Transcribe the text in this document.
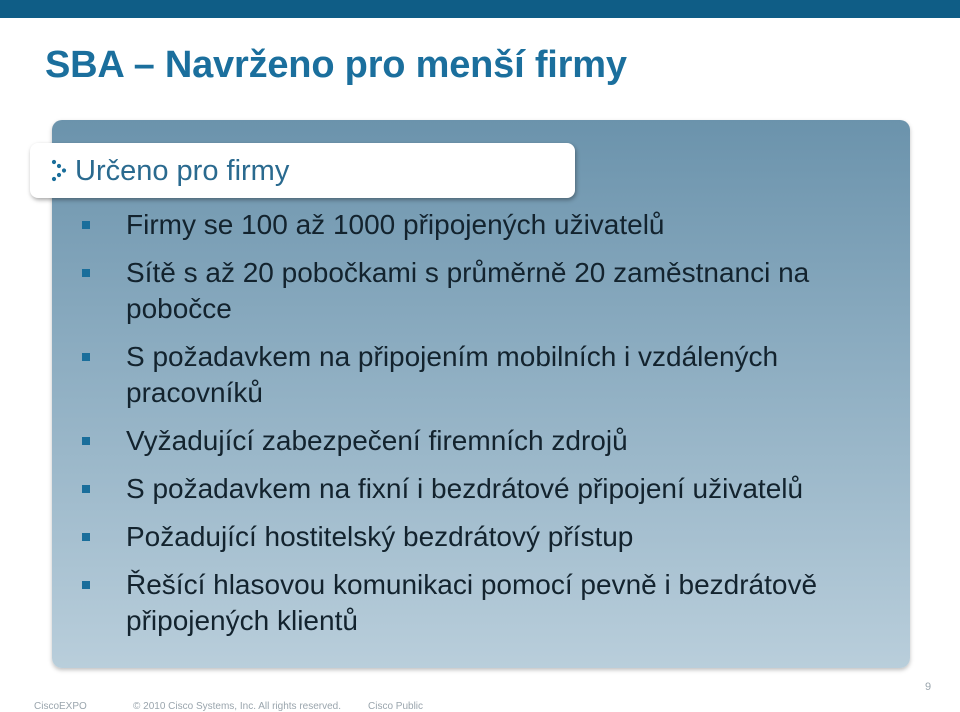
SBA – Navrženo pro menší firmy
Určeno pro firmy
Firmy se 100 až 1000 připojených uživatelů
Sítě s až 20 pobočkami s průměrně 20 zaměstnanci na pobočce
S požadavkem na připojením mobilních i vzdálených pracovníků
Vyžadující zabezpečení firemních zdrojů
S požadavkem na fixní i bezdrátové připojení uživatelů
Požadující hostitelský bezdrátový přístup
Řešící hlasovou komunikaci pomocí pevně i bezdrátově připojených klientů
9
CiscoEXPO	© 2010 Cisco Systems, Inc. All rights reserved.	Cisco Public
